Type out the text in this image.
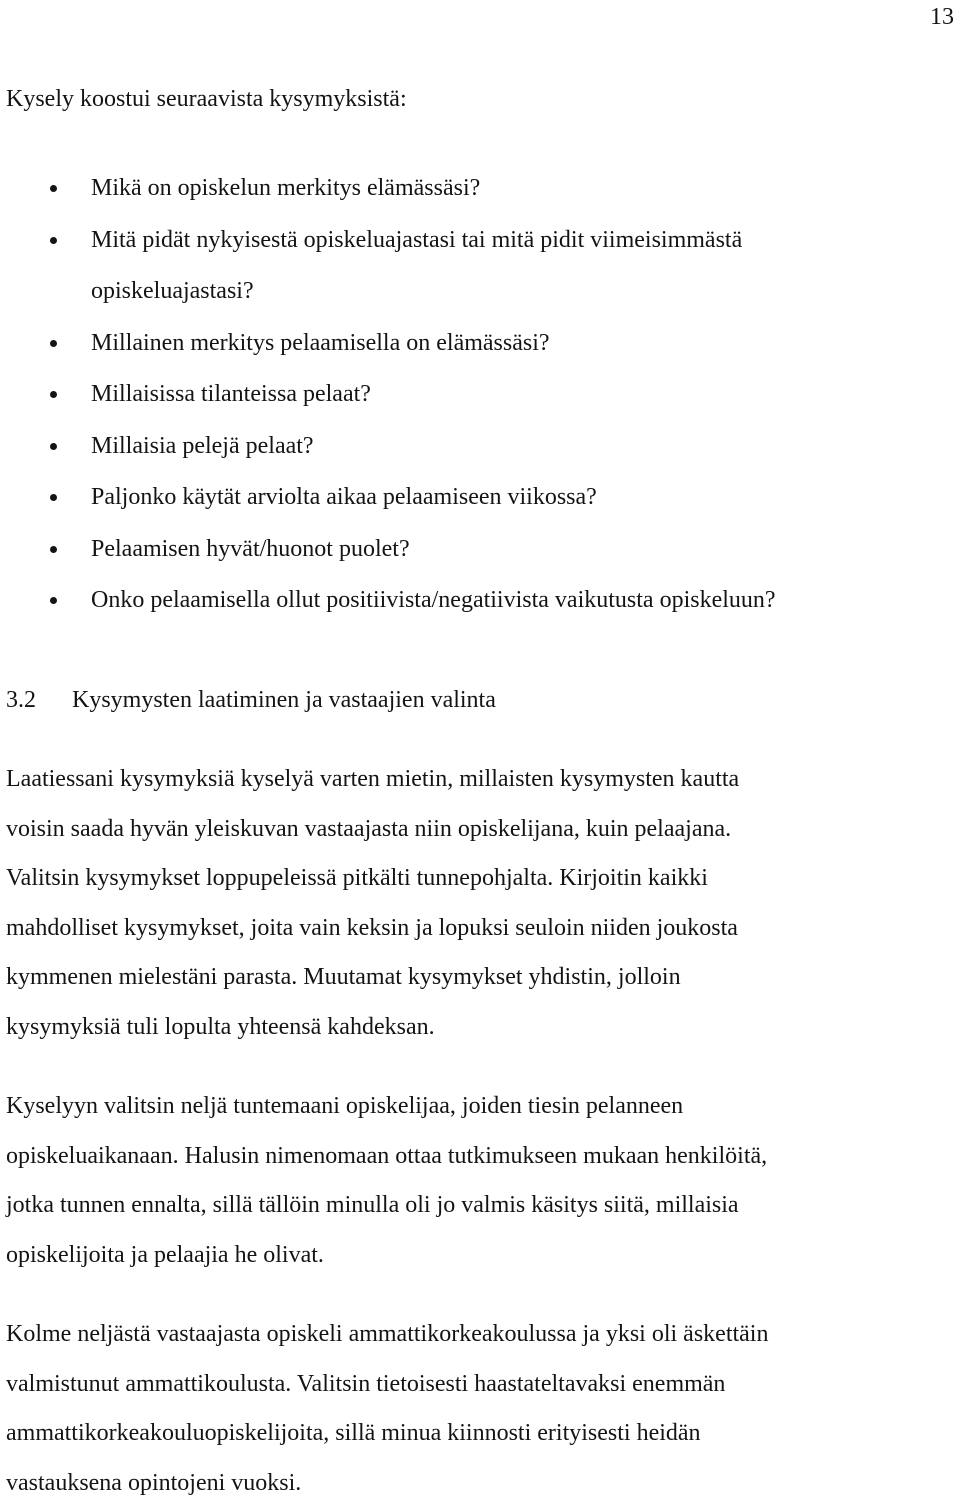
13
Kysely koostui seuraavista kysymyksistä:
Mikä on opiskelun merkitys elämässäsi?
Mitä pidät nykyisestä opiskeluajastasi tai mitä pidit viimeisimmästä
opiskeluajastasi?
Millainen merkitys pelaamisella on elämässäsi?
Millaisissa tilanteissa pelaat?
Millaisia pelejä pelaat?
Paljonko käytät arviolta aikaa pelaamiseen viikossa?
Pelaamisen hyvät/huonot puolet?
Onko pelaamisella ollut positiivista/negatiivista vaikutusta opiskeluun?
3.2 Kysymysten laatiminen ja vastaajien valinta

Laatiessani kysymyksiä kyselyä varten mietin, millaisten kysymysten kautta
voisin saada hyvän yleiskuvan vastaajasta niin opiskelijana, kuin pelaajana.
Valitsin kysymykset loppupeleissä pitkälti tunnepohjalta. Kirjoitin kaikki
mahdolliset kysymykset, joita vain keksin ja lopuksi seuloin niiden joukosta
kymmenen mielestäni parasta. Muutamat kysymykset yhdistin, jolloin
kysymyksiä tuli lopulta yhteensä kahdeksan.

Kyselyyn valitsin neljä tuntemaani opiskelijaa, joiden tiesin pelanneen
opiskeluaikanaan. Halusin nimenomaan ottaa tutkimukseen mukaan henkilöitä,
jotka tunnen ennalta, sillä tällöin minulla oli jo valmis käsitys siitä, millaisia
opiskelijoita ja pelaajia he olivat.

Kolme neljästä vastaajasta opiskeli ammattikorkeakoulussa ja yksi oli äskettäin
valmistunut ammattikoulusta. Valitsin tietoisesti haastateltavaksi enemmän
ammattikorkeakouluopiskelijoita, sillä minua kiinnosti erityisesti heidän
vastauksena opintojeni vuoksi.
